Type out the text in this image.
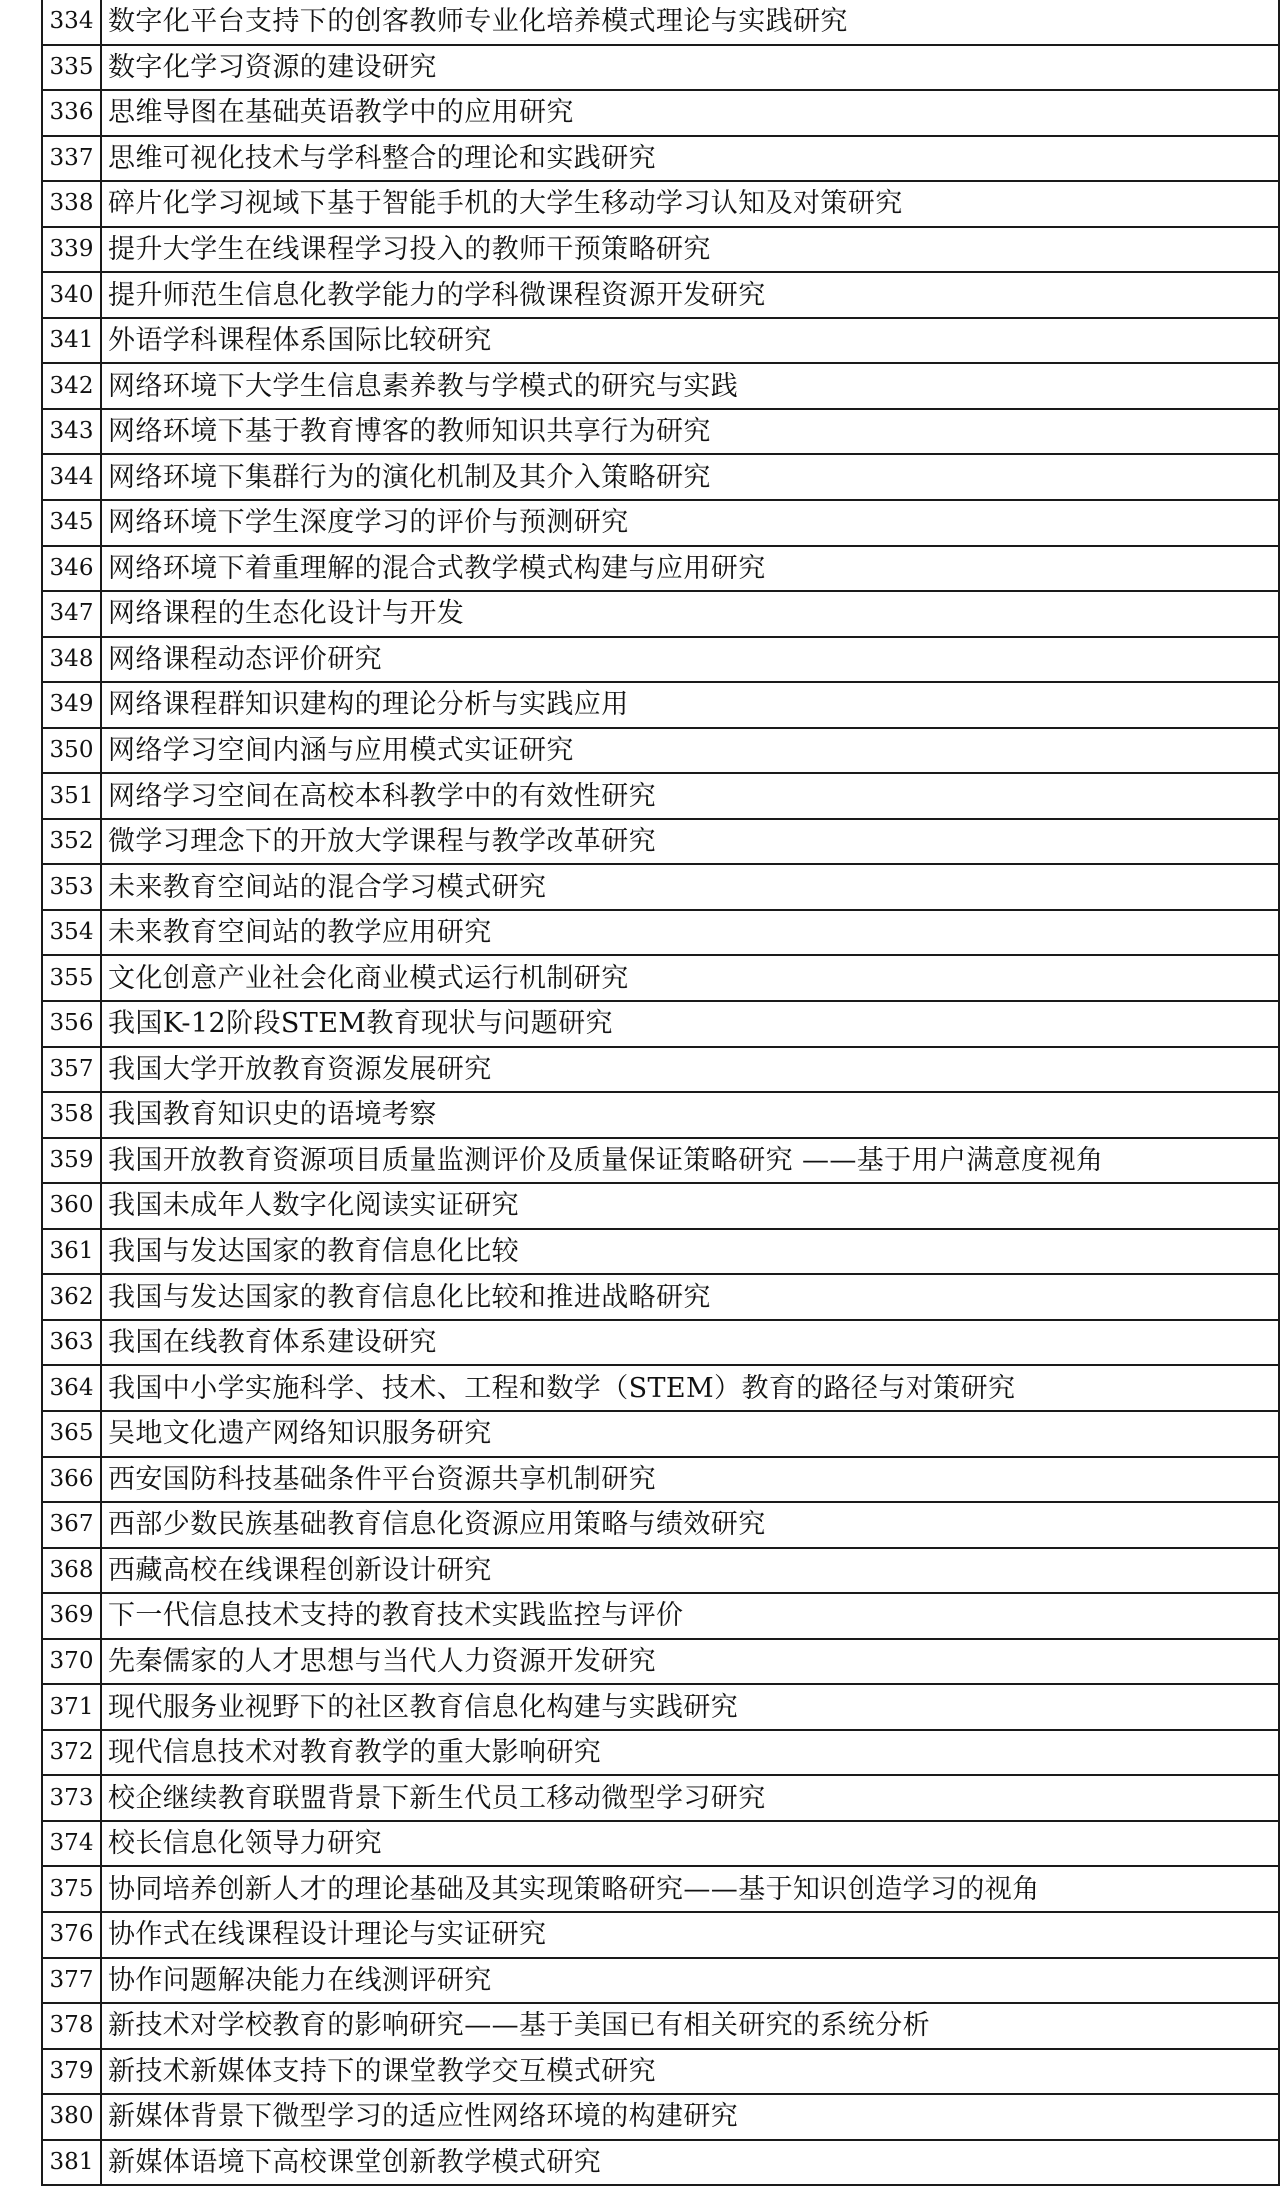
334	数字化平台支持下的创客教师专业化培养模式理论与实践研究
335	数字化学习资源的建设研究
336	思维导图在基础英语教学中的应用研究
337	思维可视化技术与学科整合的理论和实践研究
338	碎片化学习视域下基于智能手机的大学生移动学习认知及对策研究
339	提升大学生在线课程学习投入的教师干预策略研究
340	提升师范生信息化教学能力的学科微课程资源开发研究
341	外语学科课程体系国际比较研究
342	网络环境下大学生信息素养教与学模式的研究与实践
343	网络环境下基于教育博客的教师知识共享行为研究
344	网络环境下集群行为的演化机制及其介入策略研究
345	网络环境下学生深度学习的评价与预测研究
346	网络环境下着重理解的混合式教学模式构建与应用研究
347	网络课程的生态化设计与开发
348	网络课程动态评价研究
349	网络课程群知识建构的理论分析与实践应用
350	网络学习空间内涵与应用模式实证研究
351	网络学习空间在高校本科教学中的有效性研究
352	微学习理念下的开放大学课程与教学改革研究
353	未来教育空间站的混合学习模式研究
354	未来教育空间站的教学应用研究
355	文化创意产业社会化商业模式运行机制研究
356	我国K-12阶段STEM教育现状与问题研究
357	我国大学开放教育资源发展研究
358	我国教育知识史的语境考察
359	我国开放教育资源项目质量监测评价及质量保证策略研究 ——基于用户满意度视角
360	我国未成年人数字化阅读实证研究
361	我国与发达国家的教育信息化比较
362	我国与发达国家的教育信息化比较和推进战略研究
363	我国在线教育体系建设研究
364	我国中小学实施科学、技术、工程和数学（STEM）教育的路径与对策研究
365	吴地文化遗产网络知识服务研究
366	西安国防科技基础条件平台资源共享机制研究
367	西部少数民族基础教育信息化资源应用策略与绩效研究
368	西藏高校在线课程创新设计研究
369	下一代信息技术支持的教育技术实践监控与评价
370	先秦儒家的人才思想与当代人力资源开发研究
371	现代服务业视野下的社区教育信息化构建与实践研究
372	现代信息技术对教育教学的重大影响研究
373	校企继续教育联盟背景下新生代员工移动微型学习研究
374	校长信息化领导力研究
375	协同培养创新人才的理论基础及其实现策略研究——基于知识创造学习的视角
376	协作式在线课程设计理论与实证研究
377	协作问题解决能力在线测评研究
378	新技术对学校教育的影响研究——基于美国已有相关研究的系统分析
379	新技术新媒体支持下的课堂教学交互模式研究
380	新媒体背景下微型学习的适应性网络环境的构建研究
381	新媒体语境下高校课堂创新教学模式研究
